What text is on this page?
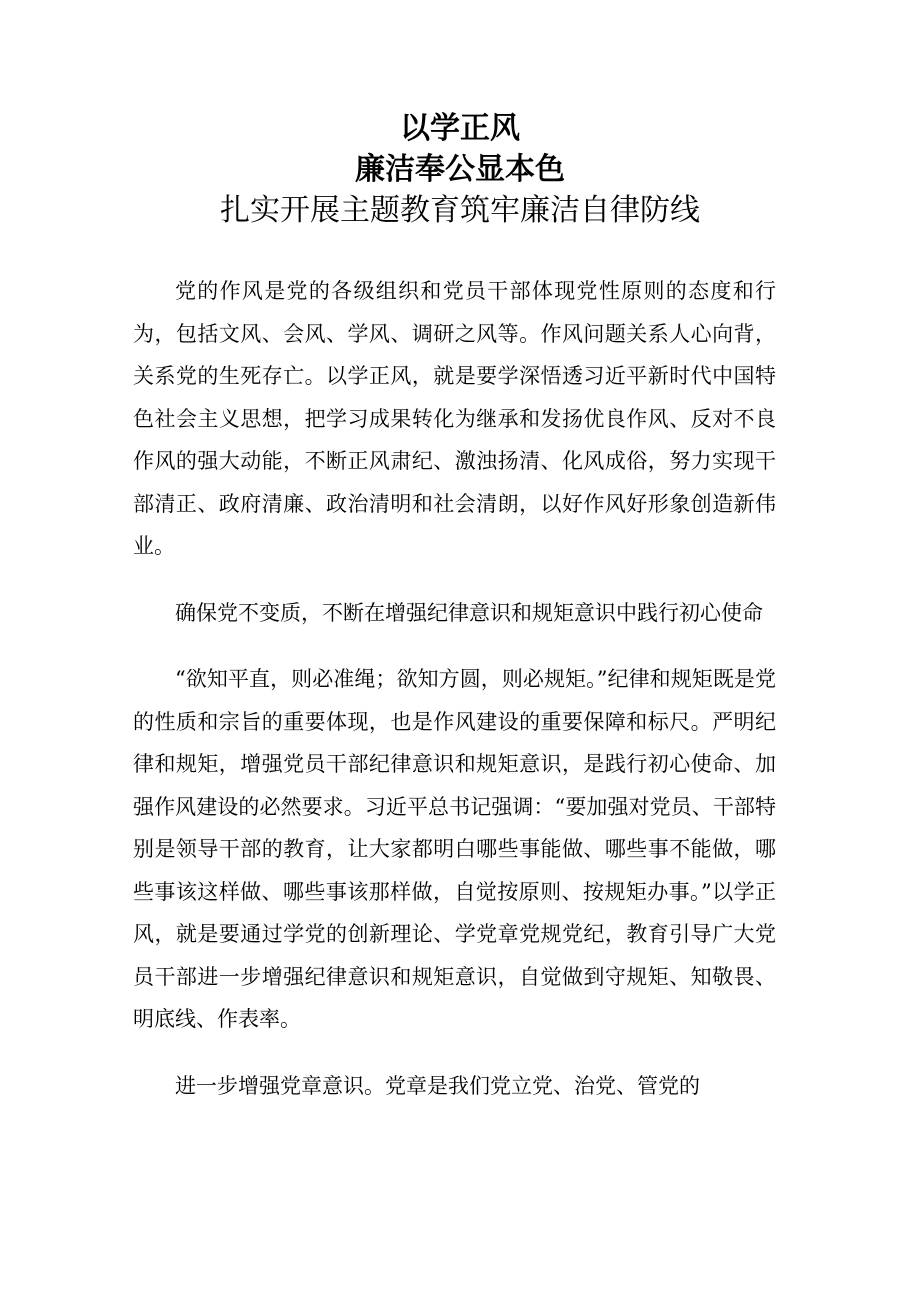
以学正风
廉洁奉公显本色
扎实开展主题教育筑牢廉洁自律防线

党的作风是党的各级组织和党员干部体现党性原则的态度和行为，包括文风、会风、学风、调研之风等。作风问题关系人心向背，关系党的生死存亡。以学正风，就是要学深悟透习近平新时代中国特色社会主义思想，把学习成果转化为继承和发扬优良作风、反对不良作风的强大动能，不断正风肃纪、激浊扬清、化风成俗，努力实现干部清正、政府清廉、政治清明和社会清朗，以好作风好形象创造新伟业。

确保党不变质，不断在增强纪律意识和规矩意识中践行初心使命

“欲知平直，则必准绳；欲知方圆，则必规矩。”纪律和规矩既是党的性质和宗旨的重要体现，也是作风建设的重要保障和标尺。严明纪律和规矩，增强党员干部纪律意识和规矩意识，是践行初心使命、加强作风建设的必然要求。习近平总书记强调：“要加强对党员、干部特别是领导干部的教育，让大家都明白哪些事能做、哪些事不能做，哪些事该这样做、哪些事该那样做，自觉按原则、按规矩办事。”以学正风，就是要通过学党的创新理论、学党章党规党纪，教育引导广大党员干部进一步增强纪律意识和规矩意识，自觉做到守规矩、知敬畏、明底线、作表率。

进一步增强党章意识。党章是我们党立党、治党、管党的
